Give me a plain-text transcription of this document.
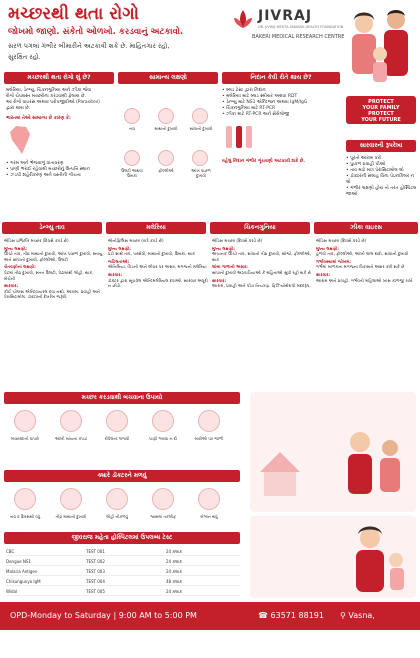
મચ્છરથી થતા રોગો
જોખમો જાણો. સંકેતો ઓળખો. કરડવાનું અટકાવો.
સરળ પગલાં ગંભીર બીમારીને અટકાવી શકે છે. માહિતગાર રહો,
સુરક્ષિત રહો.
JIVRAJ
DR. JIVRAJ MEHTA SMARAK HEALTH FOUNDATION
BAKERI MEDICAL RESEARCH CENTRE
PROTECT
YOUR FAMILY
PROTECT
YOUR FUTURE
મચ્છરથી થતા રોગો શું છે?	સામાન્ય લક્ષણો	નિદાન કેવી રીતે થાય છે?
સારવારની રૂપરેખા
મલેરિયા, ડેન્ગ્યુ, ચિકનગુનિયા અને ઝીકા જેવા
રોગો ચેપગ્રસ્ત મચ્છરોના કરડવાથી ફેલાય છે.
આ રોગો વાઇરસ અથવા પરોપજીવીઓ (Parasites)
દ્વારા થાય છે.
ભારતમાં તેઓ સામાન્ય છે કારણ કે:
• ગરમ અને ભેજવાળું વાતાવરણ
• પાણી ભરાઈ રહેવાથી મચ્છરોનું ઉત્પત્તિ સ્થાન
• ઝડપી શહેરીકરણ અને વસ્તીની ગીચતા
તાવ	માથાનો દુખાવો	સાંધાનો દુખાવો
ઉલટી અથવા ઉબકા
ફોલ્લીઓ	આંખ પાછળ દુખાવો
• બ્લડ ટેસ્ટ દ્વારા નિદાન
• મલેરિયા માટે બ્લડ સ્મીયર અથવા RDT
• ડેન્ગ્યુ માટે NS1 એન્ટિજન અથવા IgM/IgG
• ચિકનગુનિયા માટે RT-PCR
• ઝીકા માટે RT-PCR અને સેરોલોજી
વહેલું નિદાન ગંભીર ગૂંચવણો અટકાવી શકે છે.
• પૂરતો આરામ કરો
• પુષ્કળ પ્રવાહી પીઓ
• તાવ માટે માત્ર પેરાસિટામોલ લો
• ડૉક્ટરની સલાહ વિના પેઇનકિલર ન લો
• ગંભીર લક્ષણો હોય તો તરત હોસ્પિટલ જાઓ
ડેન્ગ્યુ તાવ	મલેરિયા	ચિકનગુનિયા	ઝીકા વાઇરસ
એડિસ ઇજિપ્તિ મચ્છર (દિવસે કરડે છે)
મુખ્ય લક્ષણો:
ઊંચો તાવ, તીવ્ર માથાનો દુખાવો, આંખ પાછળ દુખાવો, સ્નાયુ અને સાંધાનો દુખાવો, ફોલ્લીઓ, ઉલટી
ચેતવણીનાં લક્ષણો:
પેટમાં તીવ્ર દુખાવો, સતત ઉલટી, પેઢામાંથી લોહી, થાક, બેચેની
સારવાર:
કોઈ ચોક્કસ એન્ટિવાયરલ દવા નથી. આરામ, પ્રવાહી અને પેરાસિટામોલ. ડૉક્ટરની દેખરેખ જરૂરી.
એનોફિલિસ મચ્છર (રાત્રે કરડે છે)
મુખ્ય લક્ષણો:
ઠંડી સાથે તાવ, પરસેવો, માથાનો દુખાવો, ઉબકા, થાક
જટિલતાઓ:
એનિમિયા, કિડની અને લીવર પર અસર, મગજનો મલેરિયા
સારવાર:
ડૉક્ટર દ્વારા સૂચવેલ એન્ટિમલેરિયલ દવાઓ. સારવાર અધૂરી ન છોડો.
એડિસ મચ્છર (દિવસે કરડે છે)
મુખ્ય લક્ષણો:
અચાનક ઊંચો તાવ, સાંધાનો તીવ્ર દુખાવો, સોજો, ફોલ્લીઓ, થાક
લાંબા ગાળાની અસર:
સાંધાનો દુખાવો અઠવાડિયાઓ કે મહિનાઓ સુધી રહી શકે છે
સારવાર:
આરામ, પ્રવાહી અને પીડા નિયંત્રણ. ફિઝિયોથેરાપી મદદરૂપ.
એડિસ મચ્છર (દિવસે કરડે છે)
મુખ્ય લક્ષણો:
હળવો તાવ, ફોલ્લીઓ, આંખો લાલ થવી, સાંધાનો દુખાવો
ગર્ભાવસ્થામાં જોખમ:
ગર્ભમાં બાળકના મગજના વિકાસને અસર કરી શકે છે
સારવાર:
આરામ અને પ્રવાહી. ગર્ભવતી મહિલાઓ ખાસ કાળજી રાખે.
મચ્છર કરડવાથી બચવાના ઉપાયો
મચ્છરદાની વાપરો	આખી બાંયનાં કપડાં	રીપેલન્ટ લગાવો	પાણી ભરાવા ન દો	બારીઓ પર જાળી
ક્યારે ડૉક્ટરને મળવું
તાવ ૨ દિવસથી વધુ	તીવ્ર માથાનો દુખાવો	લોહી નીકળવું	શ્વાસમાં તકલીફ	બેભાન થવું
જીવરાજ મહેતા હોસ્પિટલમાં ઉપલબ્ધ ટેસ્ટ
CBC	TEST 001	24 કલાક
Dengue NS1	TEST 002	24 કલાક
Malaria Antigen	TEST 003	24 કલાક
Chikungunya IgM	TEST 004	48 કલાક
Widal	TEST 005	24 કલાક
OPD-Monday to Saturday | 9:00 AM to 5:00 PM	☎ 63571 88191 ⚲ Vasna, Ahmedabad
